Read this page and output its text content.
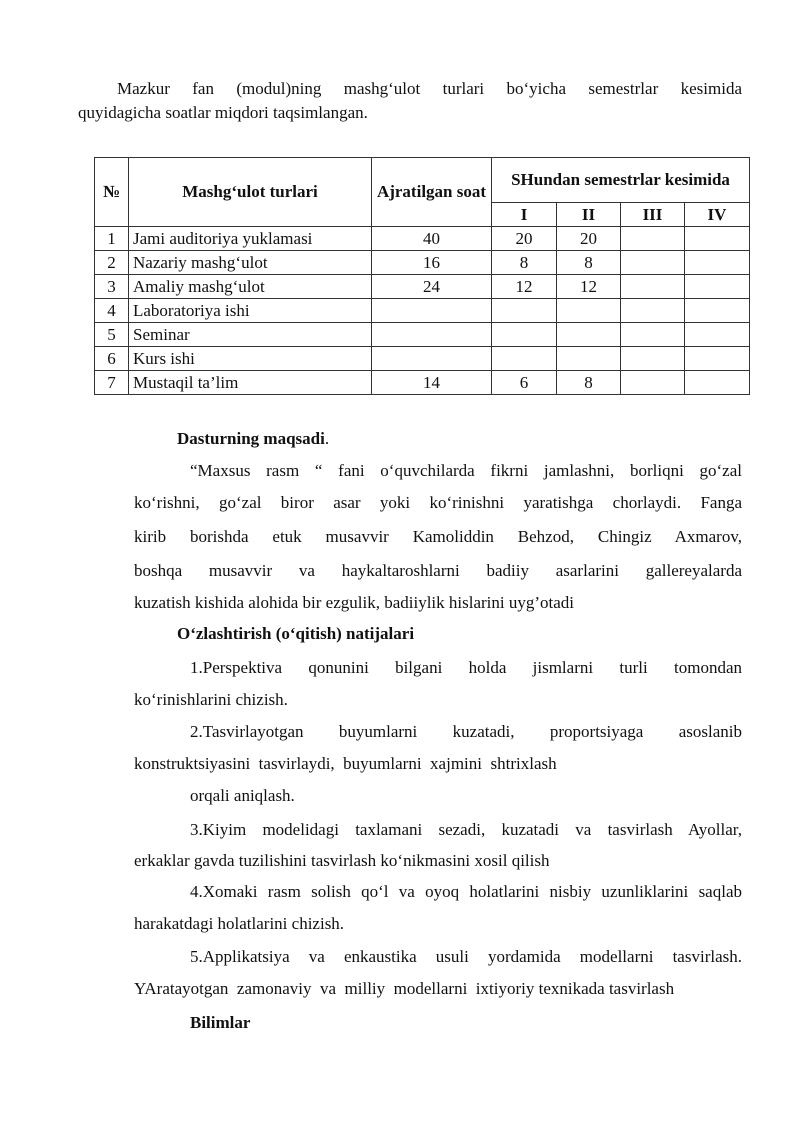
Mazkur fan (modul)ning mashg‘ulot turlari bo‘yicha semestrlar kesimida

quyidagicha soatlar miqdori taqsimlangan.

№	Mashg‘ulot turlari	Ajratilgan soat	SHundan semestrlar kesimida			
			I	II	III	IV
1	Jami auditoriya yuklamasi	40	20	20		
2	Nazariy mashg‘ulot	16	8	8		
3	Amaliy mashg‘ulot	24	12	12		
4	Laboratoriya ishi					
5	Seminar					
6	Kurs ishi					
7	Mustaqil ta’lim	14	6	8		

Dasturning maqsadi.

“Maxsus rasm “ fani o‘quvchilarda fikrni jamlashni, borliqni go‘zal

ko‘rishni, go‘zal biror asar yoki ko‘rinishni yaratishga chorlaydi. Fanga

kirib borishda etuk musavvir Kamoliddin Behzod, Chingiz Axmarov,

boshqa musavvir va haykaltaroshlarni badiiy asarlarini gallereyalarda

kuzatish kishida alohida bir ezgulik, badiiylik hislarini uyg’otadi

O‘zlashtirish (o‘qitish) natijalari

1.Perspektiva qonunini bilgani holda jismlarni turli tomondan

ko‘rinishlarini chizish.

2.Tasvirlayotgan buyumlarni kuzatadi, proportsiyaga asoslanib

konstruktsiyasini  tasvirlaydi,  buyumlarni  xajmini  shtrixlash

orqali aniqlash.

3.Kiyim modelidagi taxlamani sezadi, kuzatadi va tasvirlash Ayollar,

erkaklar gavda tuzilishini tasvirlash ko‘nikmasini xosil qilish

4.Xomaki rasm solish qo‘l va oyoq holatlarini nisbiy uzunliklarini saqlab

harakatdagi holatlarini chizish.

5.Applikatsiya va enkaustika usuli yordamida modellarni tasvirlash.

YAratayotgan  zamonaviy  va  milliy  modellarni  ixtiyoriy texnikada tasvirlash

Bilimlar
